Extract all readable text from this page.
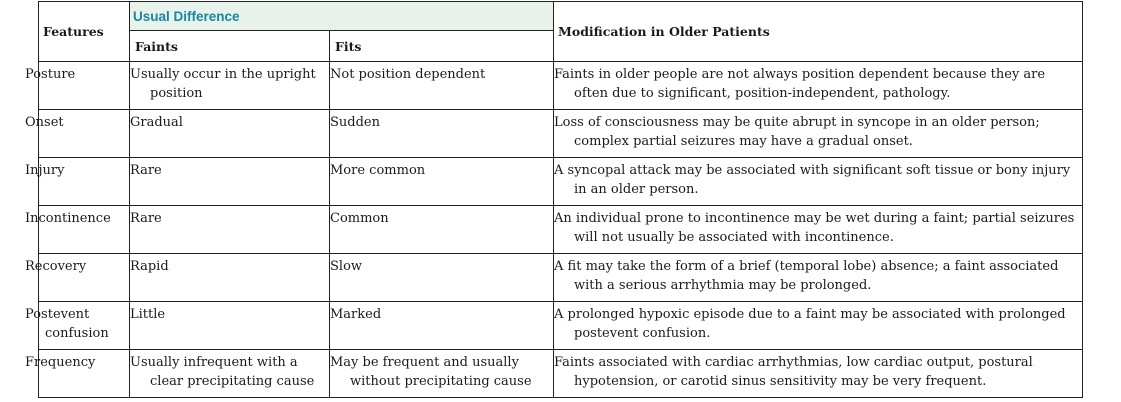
Features	Usual Difference		Modification in Older Patients
	Faints	Fits	

Posture	Usually occur in the upright position	Not position dependent	Faints in older people are not always position dependent because they are often due to significant, position-independent, pathology.

Onset	Gradual	Sudden	Loss of consciousness may be quite abrupt in syncope in an older person; complex partial seizures may have a gradual onset.

Injury	Rare	More common	A syncopal attack may be associated with significant soft tissue or bony injury in an older person.

Incontinence	Rare	Common	An individual prone to incontinence may be wet during a faint; partial seizures will not usually be associated with incontinence.

Recovery	Rapid	Slow	A fit may take the form of a brief (temporal lobe) absence; a faint associated with a serious arrhythmia may be prolonged.

Postevent confusion	Little	Marked	A prolonged hypoxic episode due to a faint may be associated with prolonged postevent confusion.

Frequency	Usually infrequent with a clear precipitating cause	May be frequent and usually without precipitating cause	Faints associated with cardiac arrhythmias, low cardiac output, postural hypotension, or carotid sinus sensitivity may be very frequent.
